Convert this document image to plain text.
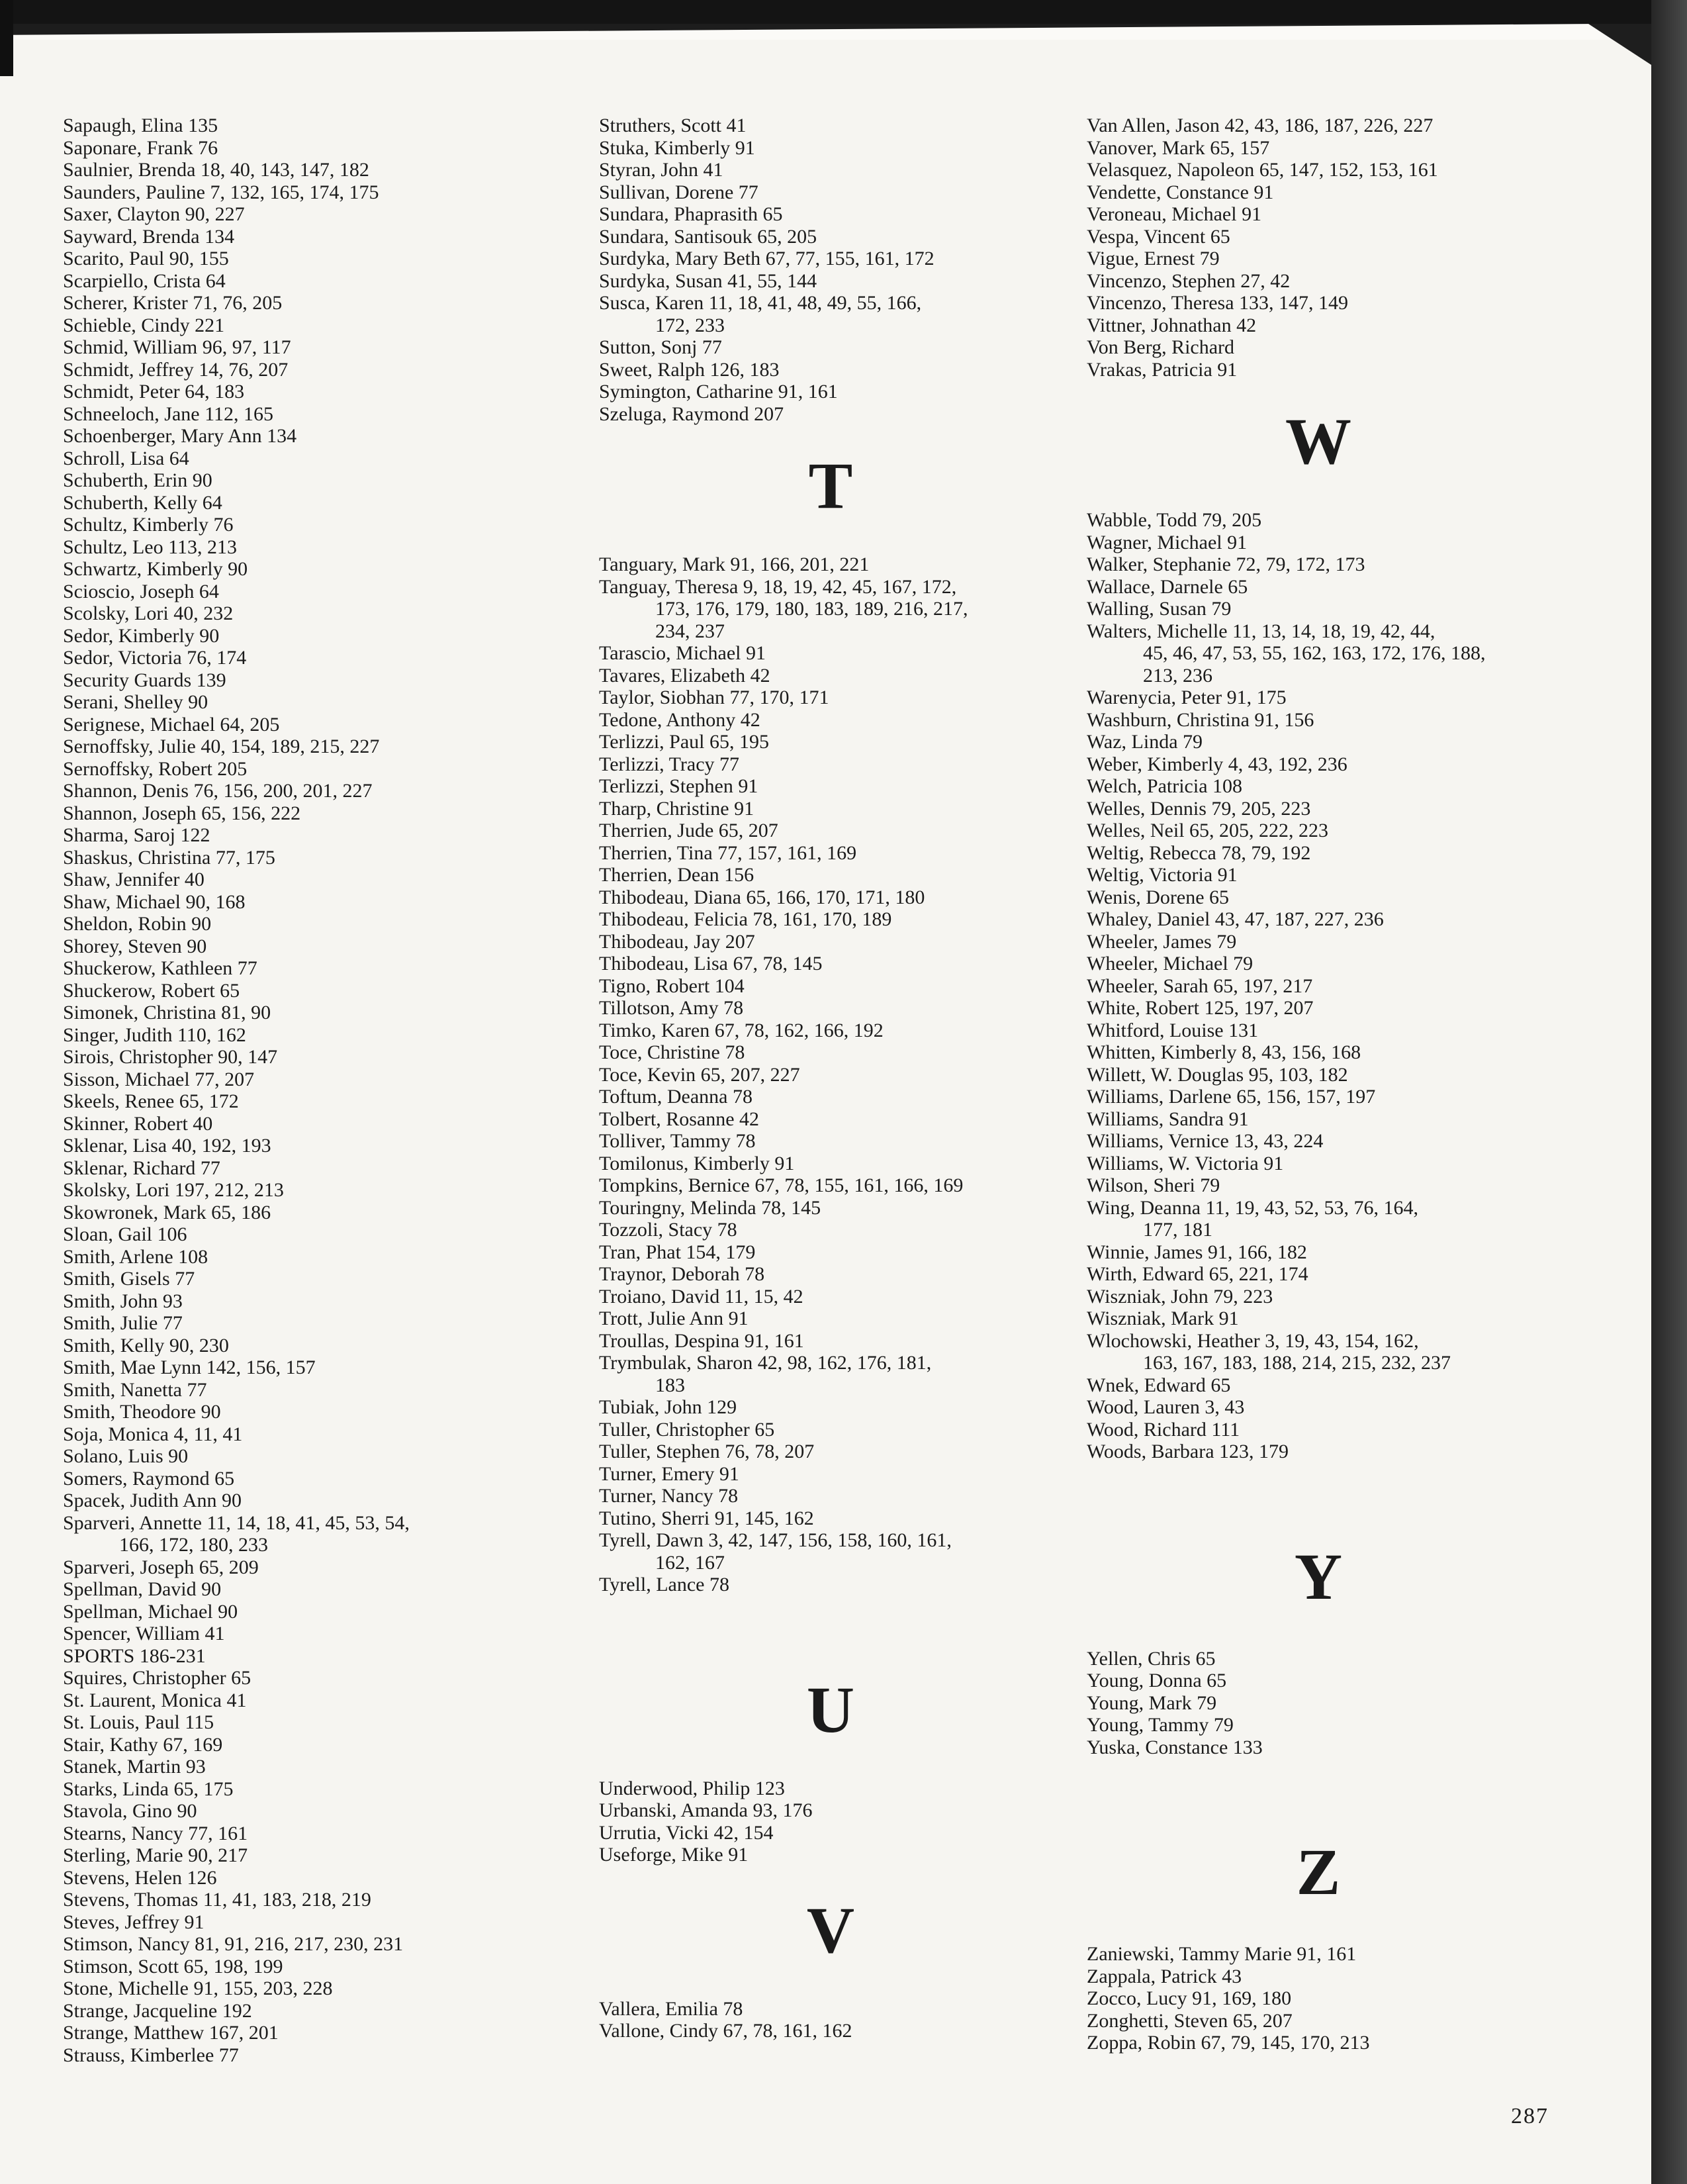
Sapaugh, Elina 135
Saponare, Frank 76
Saulnier, Brenda 18, 40, 143, 147, 182
Saunders, Pauline 7, 132, 165, 174, 175
Saxer, Clayton 90, 227
Sayward, Brenda 134
Scarito, Paul 90, 155
Scarpiello, Crista 64
Scherer, Krister 71, 76, 205
Schieble, Cindy 221
Schmid, William 96, 97, 117
Schmidt, Jeffrey 14, 76, 207
Schmidt, Peter 64, 183
Schneeloch, Jane 112, 165
Schoenberger, Mary Ann 134
Schroll, Lisa 64
Schuberth, Erin 90
Schuberth, Kelly 64
Schultz, Kimberly 76
Schultz, Leo 113, 213
Schwartz, Kimberly 90
Scioscio, Joseph 64
Scolsky, Lori 40, 232
Sedor, Kimberly 90
Sedor, Victoria 76, 174
Security Guards 139
Serani, Shelley 90
Serignese, Michael 64, 205
Sernoffsky, Julie 40, 154, 189, 215, 227
Sernoffsky, Robert 205
Shannon, Denis 76, 156, 200, 201, 227
Shannon, Joseph 65, 156, 222
Sharma, Saroj 122
Shaskus, Christina 77, 175
Shaw, Jennifer 40
Shaw, Michael 90, 168
Sheldon, Robin 90
Shorey, Steven 90
Shuckerow, Kathleen 77
Shuckerow, Robert 65
Simonek, Christina 81, 90
Singer, Judith 110, 162
Sirois, Christopher 90, 147
Sisson, Michael 77, 207
Skeels, Renee 65, 172
Skinner, Robert 40
Sklenar, Lisa 40, 192, 193
Sklenar, Richard 77
Skolsky, Lori 197, 212, 213
Skowronek, Mark 65, 186
Sloan, Gail 106
Smith, Arlene 108
Smith, Gisels 77
Smith, John 93
Smith, Julie 77
Smith, Kelly 90, 230
Smith, Mae Lynn 142, 156, 157
Smith, Nanetta 77
Smith, Theodore 90
Soja, Monica 4, 11, 41
Solano, Luis 90
Somers, Raymond 65
Spacek, Judith Ann 90
Sparveri, Annette 11, 14, 18, 41, 45, 53, 54,
166, 172, 180, 233
Sparveri, Joseph 65, 209
Spellman, David 90
Spellman, Michael 90
Spencer, William 41
SPORTS 186-231
Squires, Christopher 65
St. Laurent, Monica 41
St. Louis, Paul 115
Stair, Kathy 67, 169
Stanek, Martin 93
Starks, Linda 65, 175
Stavola, Gino 90
Stearns, Nancy 77, 161
Sterling, Marie 90, 217
Stevens, Helen 126
Stevens, Thomas 11, 41, 183, 218, 219
Steves, Jeffrey 91
Stimson, Nancy 81, 91, 216, 217, 230, 231
Stimson, Scott 65, 198, 199
Stone, Michelle 91, 155, 203, 228
Strange, Jacqueline 192
Strange, Matthew 167, 201
Strauss, Kimberlee 77
Struthers, Scott 41
Stuka, Kimberly 91
Styran, John 41
Sullivan, Dorene 77
Sundara, Phaprasith 65
Sundara, Santisouk 65, 205
Surdyka, Mary Beth 67, 77, 155, 161, 172
Surdyka, Susan 41, 55, 144
Susca, Karen 11, 18, 41, 48, 49, 55, 166,
172, 233
Sutton, Sonj 77
Sweet, Ralph 126, 183
Symington, Catharine 91, 161
Szeluga, Raymond 207
T
Tanguary, Mark 91, 166, 201, 221
Tanguay, Theresa 9, 18, 19, 42, 45, 167, 172,
173, 176, 179, 180, 183, 189, 216, 217,
234, 237
Tarascio, Michael 91
Tavares, Elizabeth 42
Taylor, Siobhan 77, 170, 171
Tedone, Anthony 42
Terlizzi, Paul 65, 195
Terlizzi, Tracy 77
Terlizzi, Stephen 91
Tharp, Christine 91
Therrien, Jude 65, 207
Therrien, Tina 77, 157, 161, 169
Therrien, Dean 156
Thibodeau, Diana 65, 166, 170, 171, 180
Thibodeau, Felicia 78, 161, 170, 189
Thibodeau, Jay 207
Thibodeau, Lisa 67, 78, 145
Tigno, Robert 104
Tillotson, Amy 78
Timko, Karen 67, 78, 162, 166, 192
Toce, Christine 78
Toce, Kevin 65, 207, 227
Toftum, Deanna 78
Tolbert, Rosanne 42
Tolliver, Tammy 78
Tomilonus, Kimberly 91
Tompkins, Bernice 67, 78, 155, 161, 166, 169
Touringny, Melinda 78, 145
Tozzoli, Stacy 78
Tran, Phat 154, 179
Traynor, Deborah 78
Troiano, David 11, 15, 42
Trott, Julie Ann 91
Troullas, Despina 91, 161
Trymbulak, Sharon 42, 98, 162, 176, 181,
183
Tubiak, John 129
Tuller, Christopher 65
Tuller, Stephen 76, 78, 207
Turner, Emery 91
Turner, Nancy 78
Tutino, Sherri 91, 145, 162
Tyrell, Dawn 3, 42, 147, 156, 158, 160, 161,
162, 167
Tyrell, Lance 78
U
Underwood, Philip 123
Urbanski, Amanda 93, 176
Urrutia, Vicki 42, 154
Useforge, Mike 91
V
Vallera, Emilia 78
Vallone, Cindy 67, 78, 161, 162
Van Allen, Jason 42, 43, 186, 187, 226, 227
Vanover, Mark 65, 157
Velasquez, Napoleon 65, 147, 152, 153, 161
Vendette, Constance 91
Veroneau, Michael 91
Vespa, Vincent 65
Vigue, Ernest 79
Vincenzo, Stephen 27, 42
Vincenzo, Theresa 133, 147, 149
Vittner, Johnathan 42
Von Berg, Richard
Vrakas, Patricia 91
W
Wabble, Todd 79, 205
Wagner, Michael 91
Walker, Stephanie 72, 79, 172, 173
Wallace, Darnele 65
Walling, Susan 79
Walters, Michelle 11, 13, 14, 18, 19, 42, 44,
45, 46, 47, 53, 55, 162, 163, 172, 176, 188,
213, 236
Warenycia, Peter 91, 175
Washburn, Christina 91, 156
Waz, Linda 79
Weber, Kimberly 4, 43, 192, 236
Welch, Patricia 108
Welles, Dennis 79, 205, 223
Welles, Neil 65, 205, 222, 223
Weltig, Rebecca 78, 79, 192
Weltig, Victoria 91
Wenis, Dorene 65
Whaley, Daniel 43, 47, 187, 227, 236
Wheeler, James 79
Wheeler, Michael 79
Wheeler, Sarah 65, 197, 217
White, Robert 125, 197, 207
Whitford, Louise 131
Whitten, Kimberly 8, 43, 156, 168
Willett, W. Douglas 95, 103, 182
Williams, Darlene 65, 156, 157, 197
Williams, Sandra 91
Williams, Vernice 13, 43, 224
Williams, W. Victoria 91
Wilson, Sheri 79
Wing, Deanna 11, 19, 43, 52, 53, 76, 164,
177, 181
Winnie, James 91, 166, 182
Wirth, Edward 65, 221, 174
Wiszniak, John 79, 223
Wiszniak, Mark 91
Wlochowski, Heather 3, 19, 43, 154, 162,
163, 167, 183, 188, 214, 215, 232, 237
Wnek, Edward 65
Wood, Lauren 3, 43
Wood, Richard 111
Woods, Barbara 123, 179
Y
Yellen, Chris 65
Young, Donna 65
Young, Mark 79
Young, Tammy 79
Yuska, Constance 133
Z
Zaniewski, Tammy Marie 91, 161
Zappala, Patrick 43
Zocco, Lucy 91, 169, 180
Zonghetti, Steven 65, 207
Zoppa, Robin 67, 79, 145, 170, 213
287
